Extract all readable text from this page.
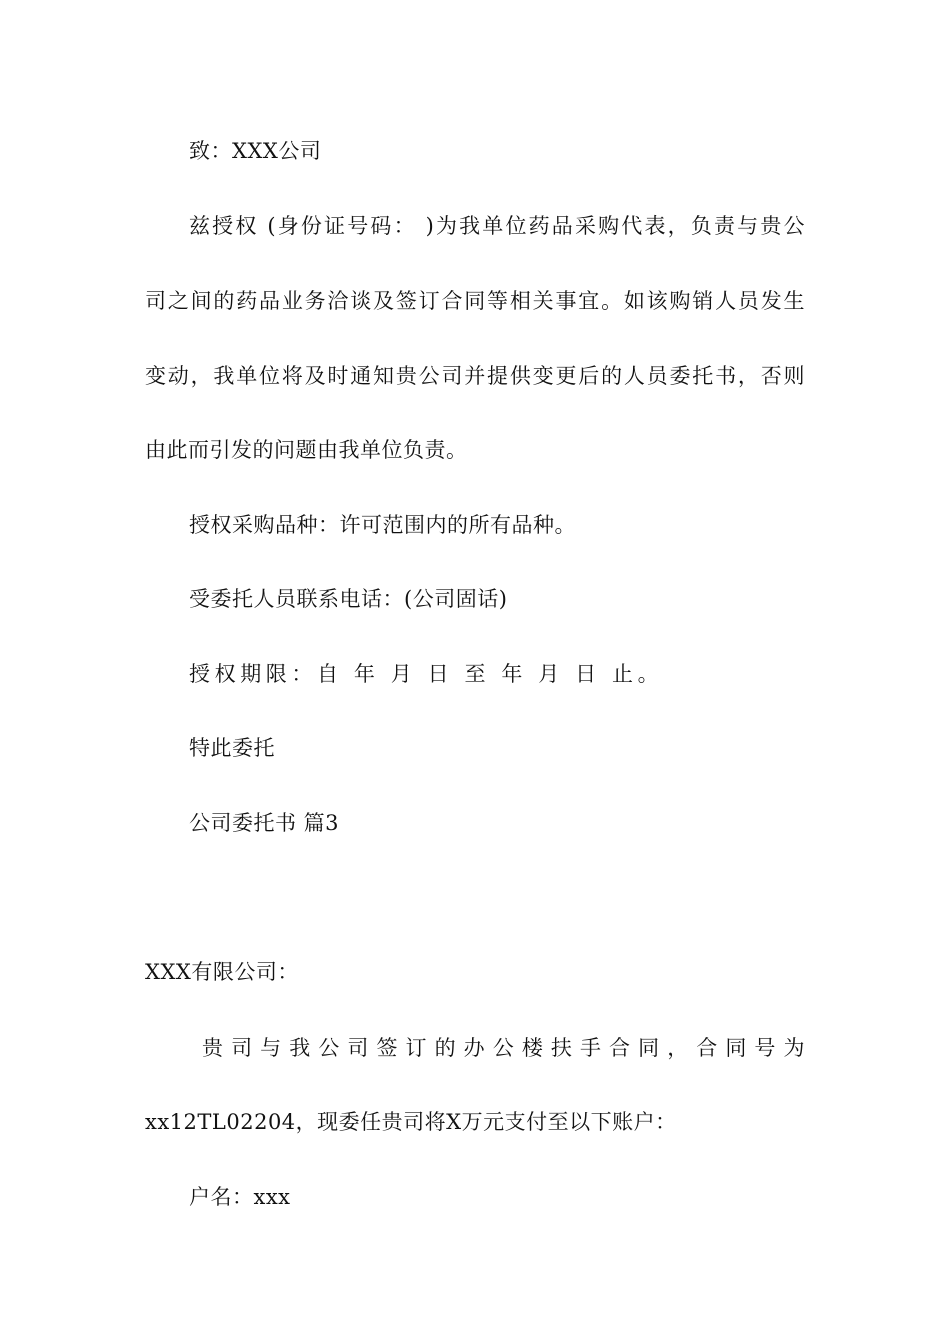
致：XXX公司
兹授权 (身份证号码： )为我单位药品采购代表，负责与贵公
司之间的药品业务洽谈及签订合同等相关事宜。如该购销人员发生
变动，我单位将及时通知贵公司并提供变更后的人员委托书，否则
由此而引发的问题由我单位负责。
授权采购品种：许可范围内的所有品种。
受委托人员联系电话：(公司固话)
授权期限：自 年 月 日 至 年 月 日 止。
特此委托
公司委托书 篇3
XXX有限公司：
贵司与我公司签订的办公楼扶手合同，合同号为
xx12TL02204，现委任贵司将X万元支付至以下账户：
户名：xxx
